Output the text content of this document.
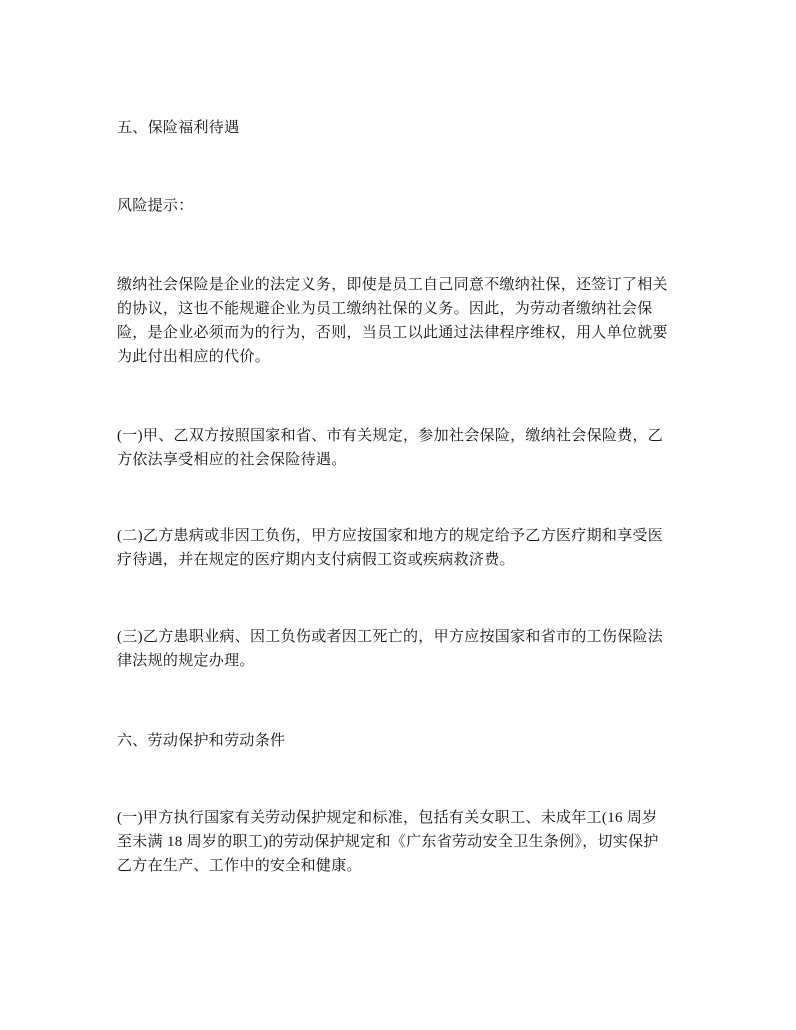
五、保险福利待遇
风险提示：
缴纳社会保险是企业的法定义务，即使是员工自己同意不缴纳社保，还签订了相关
的协议，这也不能规避企业为员工缴纳社保的义务。因此，为劳动者缴纳社会保
险，是企业必须而为的行为，否则，当员工以此通过法律程序维权，用人单位就要
为此付出相应的代价。
(一)甲、乙双方按照国家和省、市有关规定，参加社会保险，缴纳社会保险费，乙
方依法享受相应的社会保险待遇。
(二)乙方患病或非因工负伤，甲方应按国家和地方的规定给予乙方医疗期和享受医
疗待遇，并在规定的医疗期内支付病假工资或疾病救济费。
(三)乙方患职业病、因工负伤或者因工死亡的，甲方应按国家和省市的工伤保险法
律法规的规定办理。
六、劳动保护和劳动条件
(一)甲方执行国家有关劳动保护规定和标准，包括有关女职工、未成年工(16 周岁
至未满 18 周岁的职工)的劳动保护规定和《广东省劳动安全卫生条例》，切实保护
乙方在生产、工作中的安全和健康。
